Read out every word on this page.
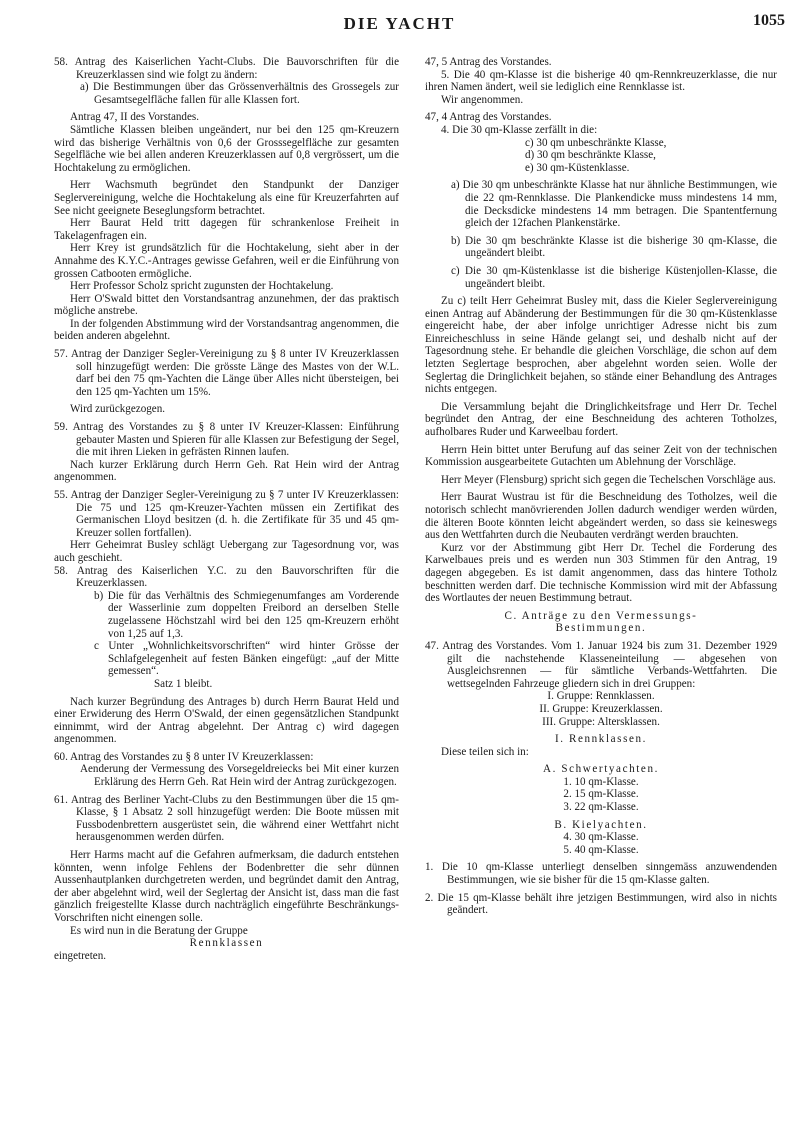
DIE YACHT	1055

58. Antrag des Kaiserlichen Yacht-Clubs. Die Bauvorschriften für die Kreuzerklassen sind wie folgt zu ändern:

a) Die Bestimmungen über das Grössenverhältnis des Grossegels zur Gesamtsegelfläche fallen für alle Klassen fort.

Antrag 47, II des Vorstandes.

Sämtliche Klassen bleiben ungeändert, nur bei den 125 qm-Kreuzern wird das bisherige Verhältnis von 0,6 der Grosssegelfläche zur gesamten Segelfläche wie bei allen anderen Kreuzerklassen auf 0,8 vergrössert, um die Hochtakelung zu ermöglichen.

Herr Wachsmuth begründet den Standpunkt der Danziger Seglervereinigung, welche die Hochtakelung als eine für Kreuzerfahrten auf See nicht geeignete Beseglungsform betrachtet.

Herr Baurat Held tritt dagegen für schrankenlose Freiheit in Takelagenfragen ein.

Herr Krey ist grundsätzlich für die Hochtakelung, sieht aber in der Annahme des K.Y.C.-Antrages gewisse Gefahren, weil er die Einführung von grossen Catbooten ermögliche.

Herr Professor Scholz spricht zugunsten der Hochtakelung.

Herr O'Swald bittet den Vorstandsantrag anzunehmen, der das praktisch mögliche anstrebe.

In der folgenden Abstimmung wird der Vorstandsantrag angenommen, die beiden anderen abgelehnt.

57. Antrag der Danziger Segler-Vereinigung zu § 8 unter IV Kreuzerklassen soll hinzugefügt werden: Die grösste Länge des Mastes von der W.L. darf bei den 75 qm-Yachten die Länge über Alles nicht übersteigen, bei den 125 qm-Yachten um 15%.

Wird zurückgezogen.

59. Antrag des Vorstandes zu § 8 unter IV Kreuzer-Klassen: Einführung gebauter Masten und Spieren für alle Klassen zur Befestigung der Segel, die mit ihren Lieken in gefrästen Rinnen laufen.

Nach kurzer Erklärung durch Herrn Geh. Rat Hein wird der Antrag angenommen.

55. Antrag der Danziger Segler-Vereinigung zu § 7 unter IV Kreuzerklassen: Die 75 und 125 qm-Kreuzer-Yachten müssen ein Zertifikat des Germanischen Lloyd besitzen (d. h. die Zertifikate für 35 und 45 qm-Kreuzer sollen fortfallen).

Herr Geheimrat Busley schlägt Uebergang zur Tagesordnung vor, was auch geschieht.

58. Antrag des Kaiserlichen Y.C. zu den Bauvorschriften für die Kreuzerklassen.

b) Die für das Verhältnis des Schmiegenumfanges am Vorderende der Wasserlinie zum doppelten Freibord an derselben Stelle zugelassene Höchstzahl wird bei den 125 qm-Kreuzern erhöht von 1,25 auf 1,3.

c Unter „Wohnlichkeitsvorschriften“ wird hinter Grösse der Schlafgelegenheit auf festen Bänken eingefügt: „auf der Mitte gemessen“.

Satz 1 bleibt.

Nach kurzer Begründung des Antrages b) durch Herrn Baurat Held und einer Erwiderung des Herrn O'Swald, der einen gegensätzlichen Standpunkt einnimmt, wird der Antrag abgelehnt. Der Antrag c) wird dagegen angenommen.

60. Antrag des Vorstandes zu § 8 unter IV Kreuzerklassen:

Aenderung der Vermessung des Vorsegeldreiecks bei Mit einer kurzen Erklärung des Herrn Geh. Rat Hein wird der Antrag zurückgezogen.

61. Antrag des Berliner Yacht-Clubs zu den Bestimmungen über die 15 qm-Klasse, § 1 Absatz 2 soll hinzugefügt werden: Die Boote müssen mit Fussbodenbrettern ausgerüstet sein, die während einer Wettfahrt nicht herausgenommen werden dürfen.

Herr Harms macht auf die Gefahren aufmerksam, die dadurch entstehen könnten, wenn infolge Fehlens der Bodenbretter die sehr dünnen Aussenhautplanken durchgetreten werden, und begründet damit den Antrag, der aber abgelehnt wird, weil der Seglertag der Ansicht ist, dass man die fast gänzlich freigestellte Klasse durch nachträglich eingeführte Beschränkungs-Vorschriften nicht einengen solle.

Es wird nun in die Beratung der Gruppe

Rennklassen

eingetreten.

47, 5 Antrag des Vorstandes.

5. Die 40 qm-Klasse ist die bisherige 40 qm-Rennkreuzerklasse, die nur ihren Namen ändert, weil sie lediglich eine Rennklasse ist.

Wir angenommen.

47, 4 Antrag des Vorstandes.

4. Die 30 qm-Klasse zerfällt in die:

c) 30 qm unbeschränkte Klasse,

d) 30 qm beschränkte Klasse,

e) 30 qm-Küstenklasse.

a) Die 30 qm unbeschränkte Klasse hat nur ähnliche Bestimmungen, wie die 22 qm-Rennklasse. Die Plankendicke muss mindestens 14 mm, die Decksdicke mindestens 14 mm betragen. Die Spantentfernung gleich der 12fachen Plankenstärke.

b) Die 30 qm beschränkte Klasse ist die bisherige 30 qm-Klasse, die ungeändert bleibt.

c) Die 30 qm-Küstenklasse ist die bisherige Küstenjollen-Klasse, die ungeändert bleibt.

Zu c) teilt Herr Geheimrat Busley mit, dass die Kieler Seglervereinigung einen Antrag auf Abänderung der Bestimmungen für die 30 qm-Küstenklasse eingereicht habe, der aber infolge unrichtiger Adresse nicht bis zum Einreicheschluss in seine Hände gelangt sei, und deshalb nicht auf der Tagesordnung stehe. Er behandle die gleichen Vorschläge, die schon auf dem letzten Seglertage besprochen, aber abgelehnt worden seien. Wolle der Seglertag die Dringlichkeit bejahen, so stände einer Behandlung des Antrages nichts entgegen.

Die Versammlung bejaht die Dringlichkeitsfrage und Herr Dr. Techel begründet den Antrag, der eine Beschneidung des achteren Totholzes, aufholbares Ruder und Karweelbau fordert.

Herrn Hein bittet unter Berufung auf das seiner Zeit von der technischen Kommission ausgearbeitete Gutachten um Ablehnung der Vorschläge.

Herr Meyer (Flensburg) spricht sich gegen die Techelschen Vorschläge aus.

Herr Baurat Wustrau ist für die Beschneidung des Totholzes, weil die notorisch schlecht manövrierenden Jollen dadurch wendiger werden würden, die älteren Boote könnten leicht abgeändert werden, so dass sie keineswegs aus den Wettfahrten durch die Neubauten verdrängt werden brauchten.

Kurz vor der Abstimmung gibt Herr Dr. Techel die Forderung des Karwelbaues preis und es werden nun 303 Stimmen für den Antrag, 19 dagegen abgegeben. Es ist damit angenommen, dass das hintere Totholz beschnitten werden darf. Die technische Kommission wird mit der Abfassung des Wortlautes der neuen Bestimmung betraut.

C. Anträge zu den Vermessungs-

Bestimmungen.

47. Antrag des Vorstandes. Vom 1. Januar 1924 bis zum 31. Dezember 1929 gilt die nachstehende Klasseneinteilung — abgesehen von Ausgleichsrennen — für sämtliche Verbands-Wettfahrten. Die wettsegelnden Fahrzeuge gliedern sich in drei Gruppen:

I. Gruppe: Rennklassen.

II. Gruppe: Kreuzerklassen.

III. Gruppe: Altersklassen.

I. Rennklassen.

Diese teilen sich in:

A. Schwertyachten.

1. 10 qm-Klasse.

2. 15 qm-Klasse.

3. 22 qm-Klasse.

B. Kielyachten.

4. 30 qm-Klasse.

5. 40 qm-Klasse.

1. Die 10 qm-Klasse unterliegt denselben sinngemäss anzuwendenden Bestimmungen, wie sie bisher für die 15 qm-Klasse galten.

2. Die 15 qm-Klasse behält ihre jetzigen Bestimmungen, wird also in nichts geändert.
